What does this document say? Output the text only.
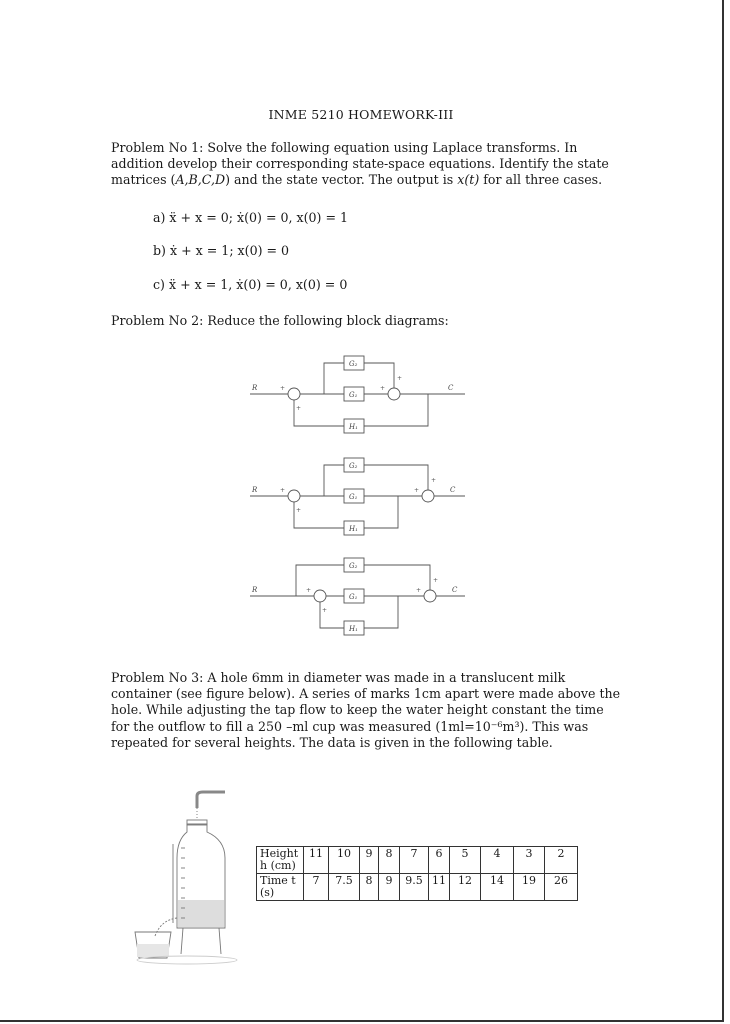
INME 5210 HOMEWORK-III
Problem No 1: Solve the following equation using Laplace transforms. In addition develop their corresponding state-space equations. Identify the state matrices (A,B,C,D) and the state vector. The output is x(t) for all three cases.
a) ẍ + x = 0; ẋ(0) = 0, x(0) = 1
b) ẋ + x = 1; x(0) = 0
c) ẍ + x = 1, ẋ(0) = 0, x(0) = 0
Problem No 2: Reduce the following block diagrams:
R	C
G₂
G₁
H₁
+
+
+
+
R	C
G₂
G₁
H₁
+
+
+
+
R	C
G₂
G₁
H₁
+
+
+
+
Problem No 3: A hole 6mm in diameter was made in a translucent milk container (see figure below). A series of marks 1cm apart were made above the hole. While adjusting the tap flow to keep the water height constant the time for the outflow to fill a 250 –ml cup was measured (1ml=10⁻⁶m³). This was repeated for several heights. The data is given in the following table.
Height h (cm)	11	10	9	8	7	6	5	4	3	2
Time t (s)	7	7.5	8	9	9.5	11	12	14	19	26
